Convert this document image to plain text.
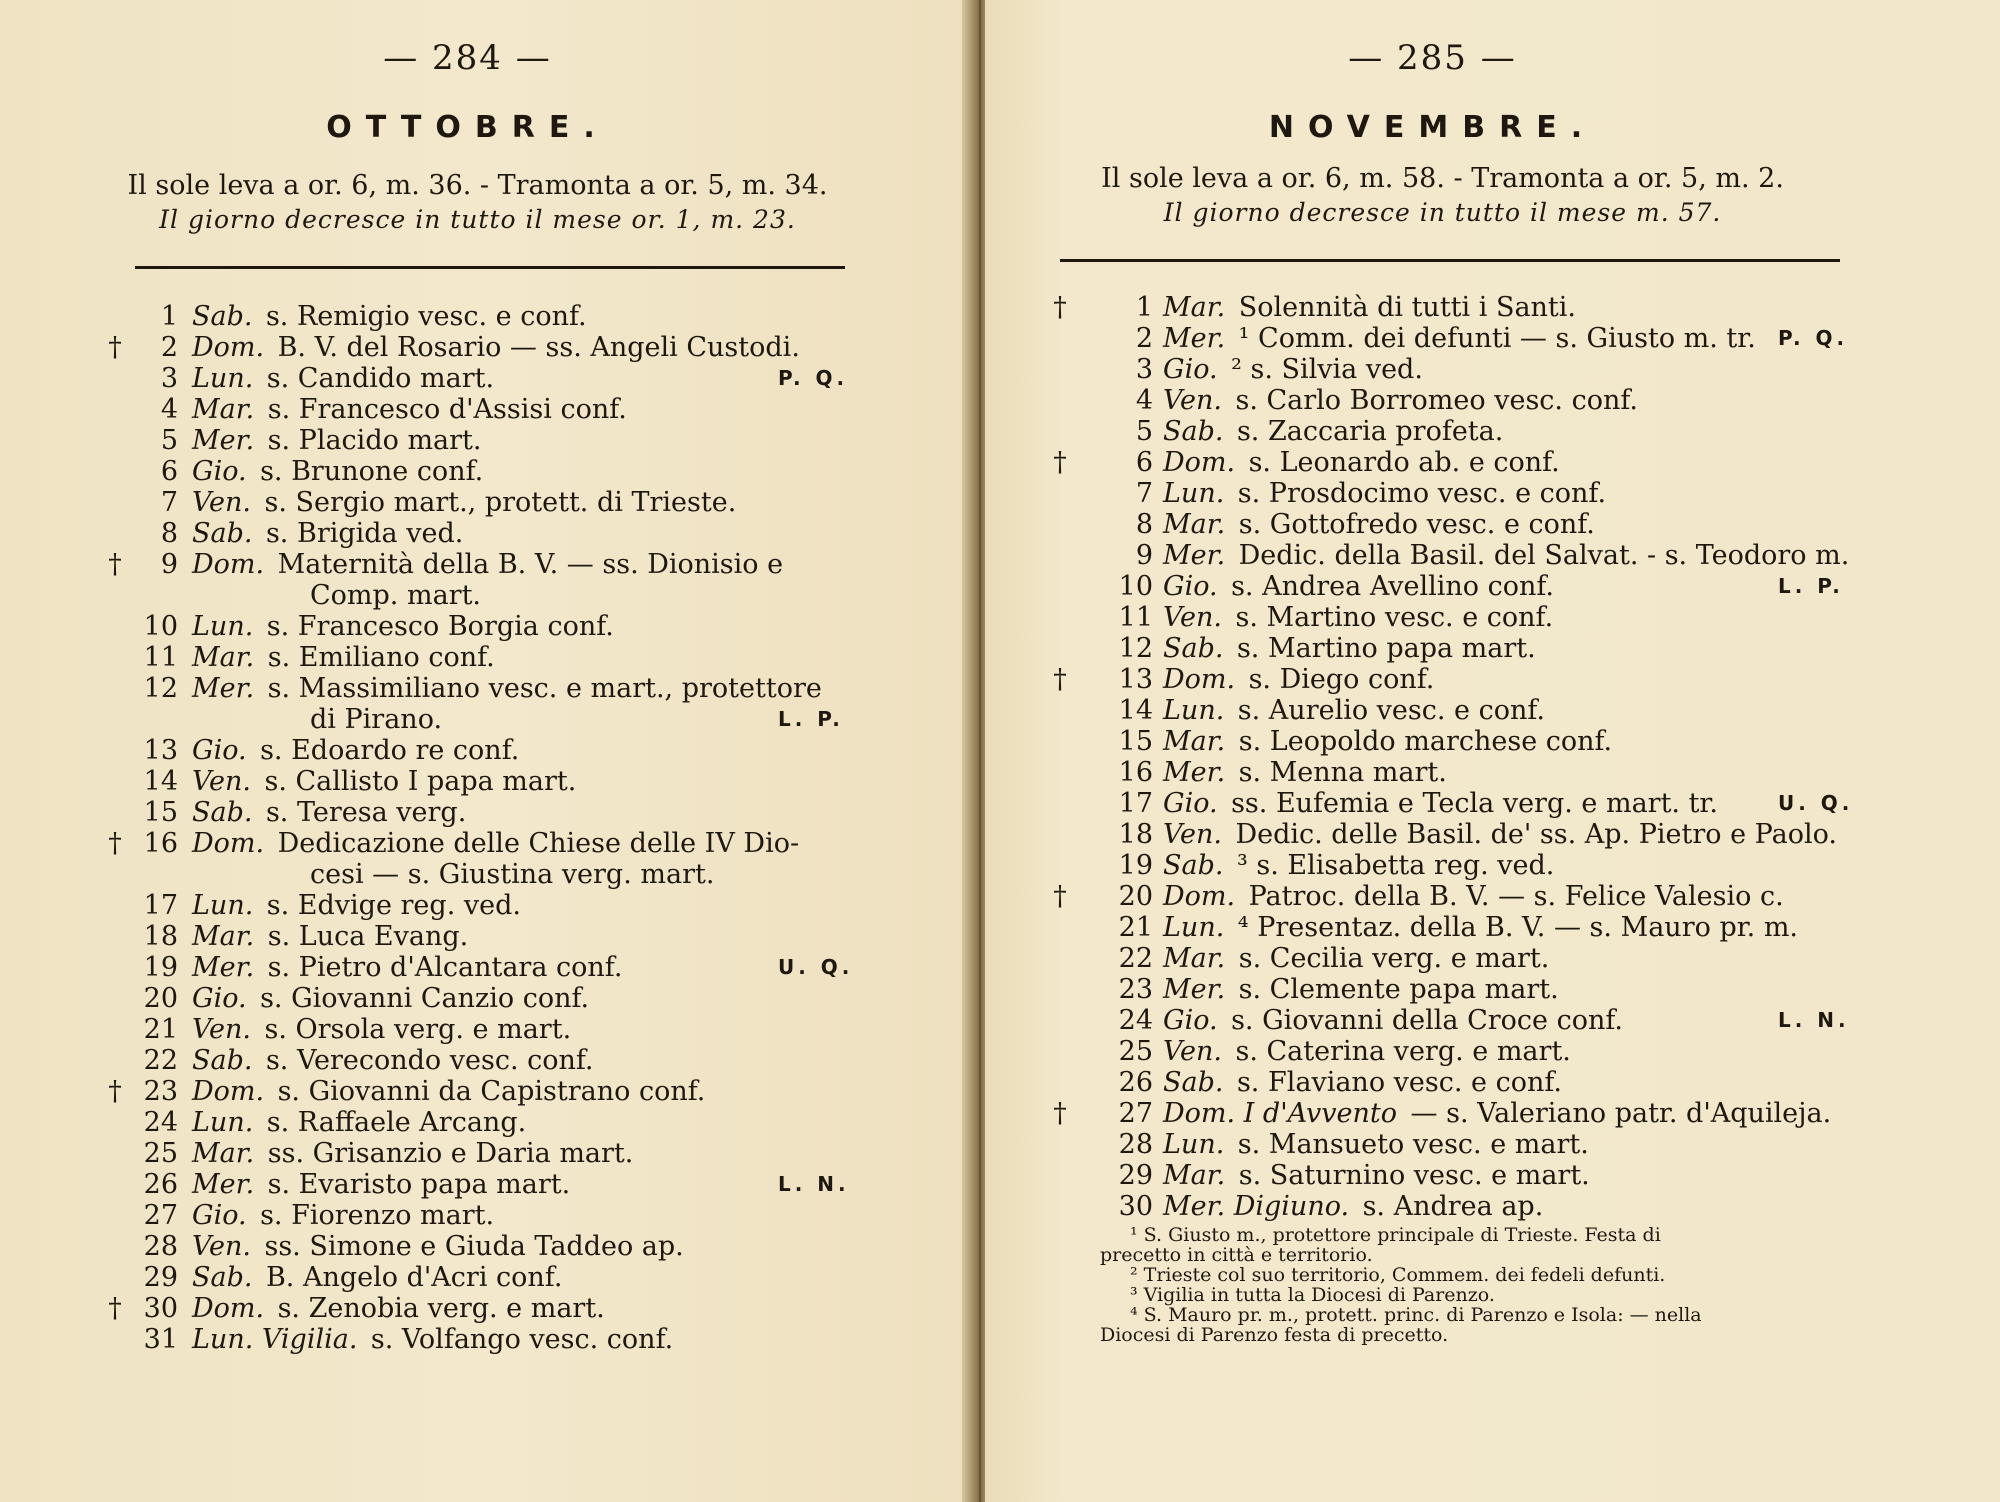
— 284 —
OTTOBRE.
Il sole leva a or. 6, m. 36. - Tramonta a or. 5, m. 34.
Il giorno decresce in tutto il mese or. 1, m. 23.
1 Sab. s. Remigio vesc. e conf.
†	2 Dom. B. V. del Rosario — ss. Angeli Custodi.
3 Lun. s. Candido mart.	P. Q.
4 Mar. s. Francesco d'Assisi conf.
5 Mer. s. Placido mart.
6 Gio. s. Brunone conf.
7 Ven. s. Sergio mart., protett. di Trieste.
8 Sab. s. Brigida ved.
†	9 Dom. Maternità della B. V. — ss. Dionisio e
Comp. mart.
10 Lun. s. Francesco Borgia conf.
11 Mar. s. Emiliano conf.
12 Mer. s. Massimiliano vesc. e mart., protettore
di Pirano.	L. P.
13 Gio. s. Edoardo re conf.
14 Ven. s. Callisto I papa mart.
15 Sab. s. Teresa verg.
† 16 Dom. Dedicazione delle Chiese delle IV Dio-
cesi — s. Giustina verg. mart.
17 Lun. s. Edvige reg. ved.
18 Mar. s. Luca Evang.
19 Mer. s. Pietro d'Alcantara conf.	U. Q.
20 Gio. s. Giovanni Canzio conf.
21 Ven. s. Orsola verg. e mart.
22 Sab. s. Verecondo vesc. conf.
† 23 Dom. s. Giovanni da Capistrano conf.
24 Lun. s. Raffaele Arcang.
25 Mar. ss. Grisanzio e Daria mart.
26 Mer. s. Evaristo papa mart.	L. N.
27 Gio. s. Fiorenzo mart.
28 Ven. ss. Simone e Giuda Taddeo ap.
29 Sab. B. Angelo d'Acri conf.
† 30 Dom. s. Zenobia verg. e mart.
31 Lun. Vigilia. s. Volfango vesc. conf.
— 285 —
NOVEMBRE.
Il sole leva a or. 6, m. 58. - Tramonta a or. 5, m. 2.
Il giorno decresce in tutto il mese m. 57.
†	1 Mar. Solennità di tutti i Santi.
2 Mer. ¹ Comm. dei defunti — s. Giusto m. tr. P. Q.
3 Gio. ² s. Silvia ved.
4 Ven. s. Carlo Borromeo vesc. conf.
5 Sab. s. Zaccaria profeta.
†	6 Dom. s. Leonardo ab. e conf.
7 Lun. s. Prosdocimo vesc. e conf.
8 Mar. s. Gottofredo vesc. e conf.
9 Mer. Dedic. della Basil. del Salvat. - s. Teodoro m.
10 Gio. s. Andrea Avellino conf.	L. P.
11 Ven. s. Martino vesc. e conf.
12 Sab. s. Martino papa mart.
†	13 Dom. s. Diego conf.
14 Lun. s. Aurelio vesc. e conf.
15 Mar. s. Leopoldo marchese conf.
16 Mer. s. Menna mart.
17 Gio. ss. Eufemia e Tecla verg. e mart. tr.	U. Q.
18 Ven. Dedic. delle Basil. de' ss. Ap. Pietro e Paolo.
19 Sab. ³ s. Elisabetta reg. ved.
†	20 Dom. Patroc. della B. V. — s. Felice Valesio c.
21 Lun. ⁴ Presentaz. della B. V. — s. Mauro pr. m.
22 Mar. s. Cecilia verg. e mart.
23 Mer. s. Clemente papa mart.
24 Gio. s. Giovanni della Croce conf.	L. N.
25 Ven. s. Caterina verg. e mart.
26 Sab. s. Flaviano vesc. e conf.
†	27 Dom. I d'Avvento — s. Valeriano patr. d'Aquileja.
28 Lun. s. Mansueto vesc. e mart.
29 Mar. s. Saturnino vesc. e mart.
30 Mer. Digiuno. s. Andrea ap.
¹ S. Giusto m., protettore principale di Trieste. Festa di
precetto in città e territorio.
² Trieste col suo territorio, Commem. dei fedeli defunti.
³ Vigilia in tutta la Diocesi di Parenzo.
⁴ S. Mauro pr. m., protett. princ. di Parenzo e Isola: — nella
Diocesi di Parenzo festa di precetto.
